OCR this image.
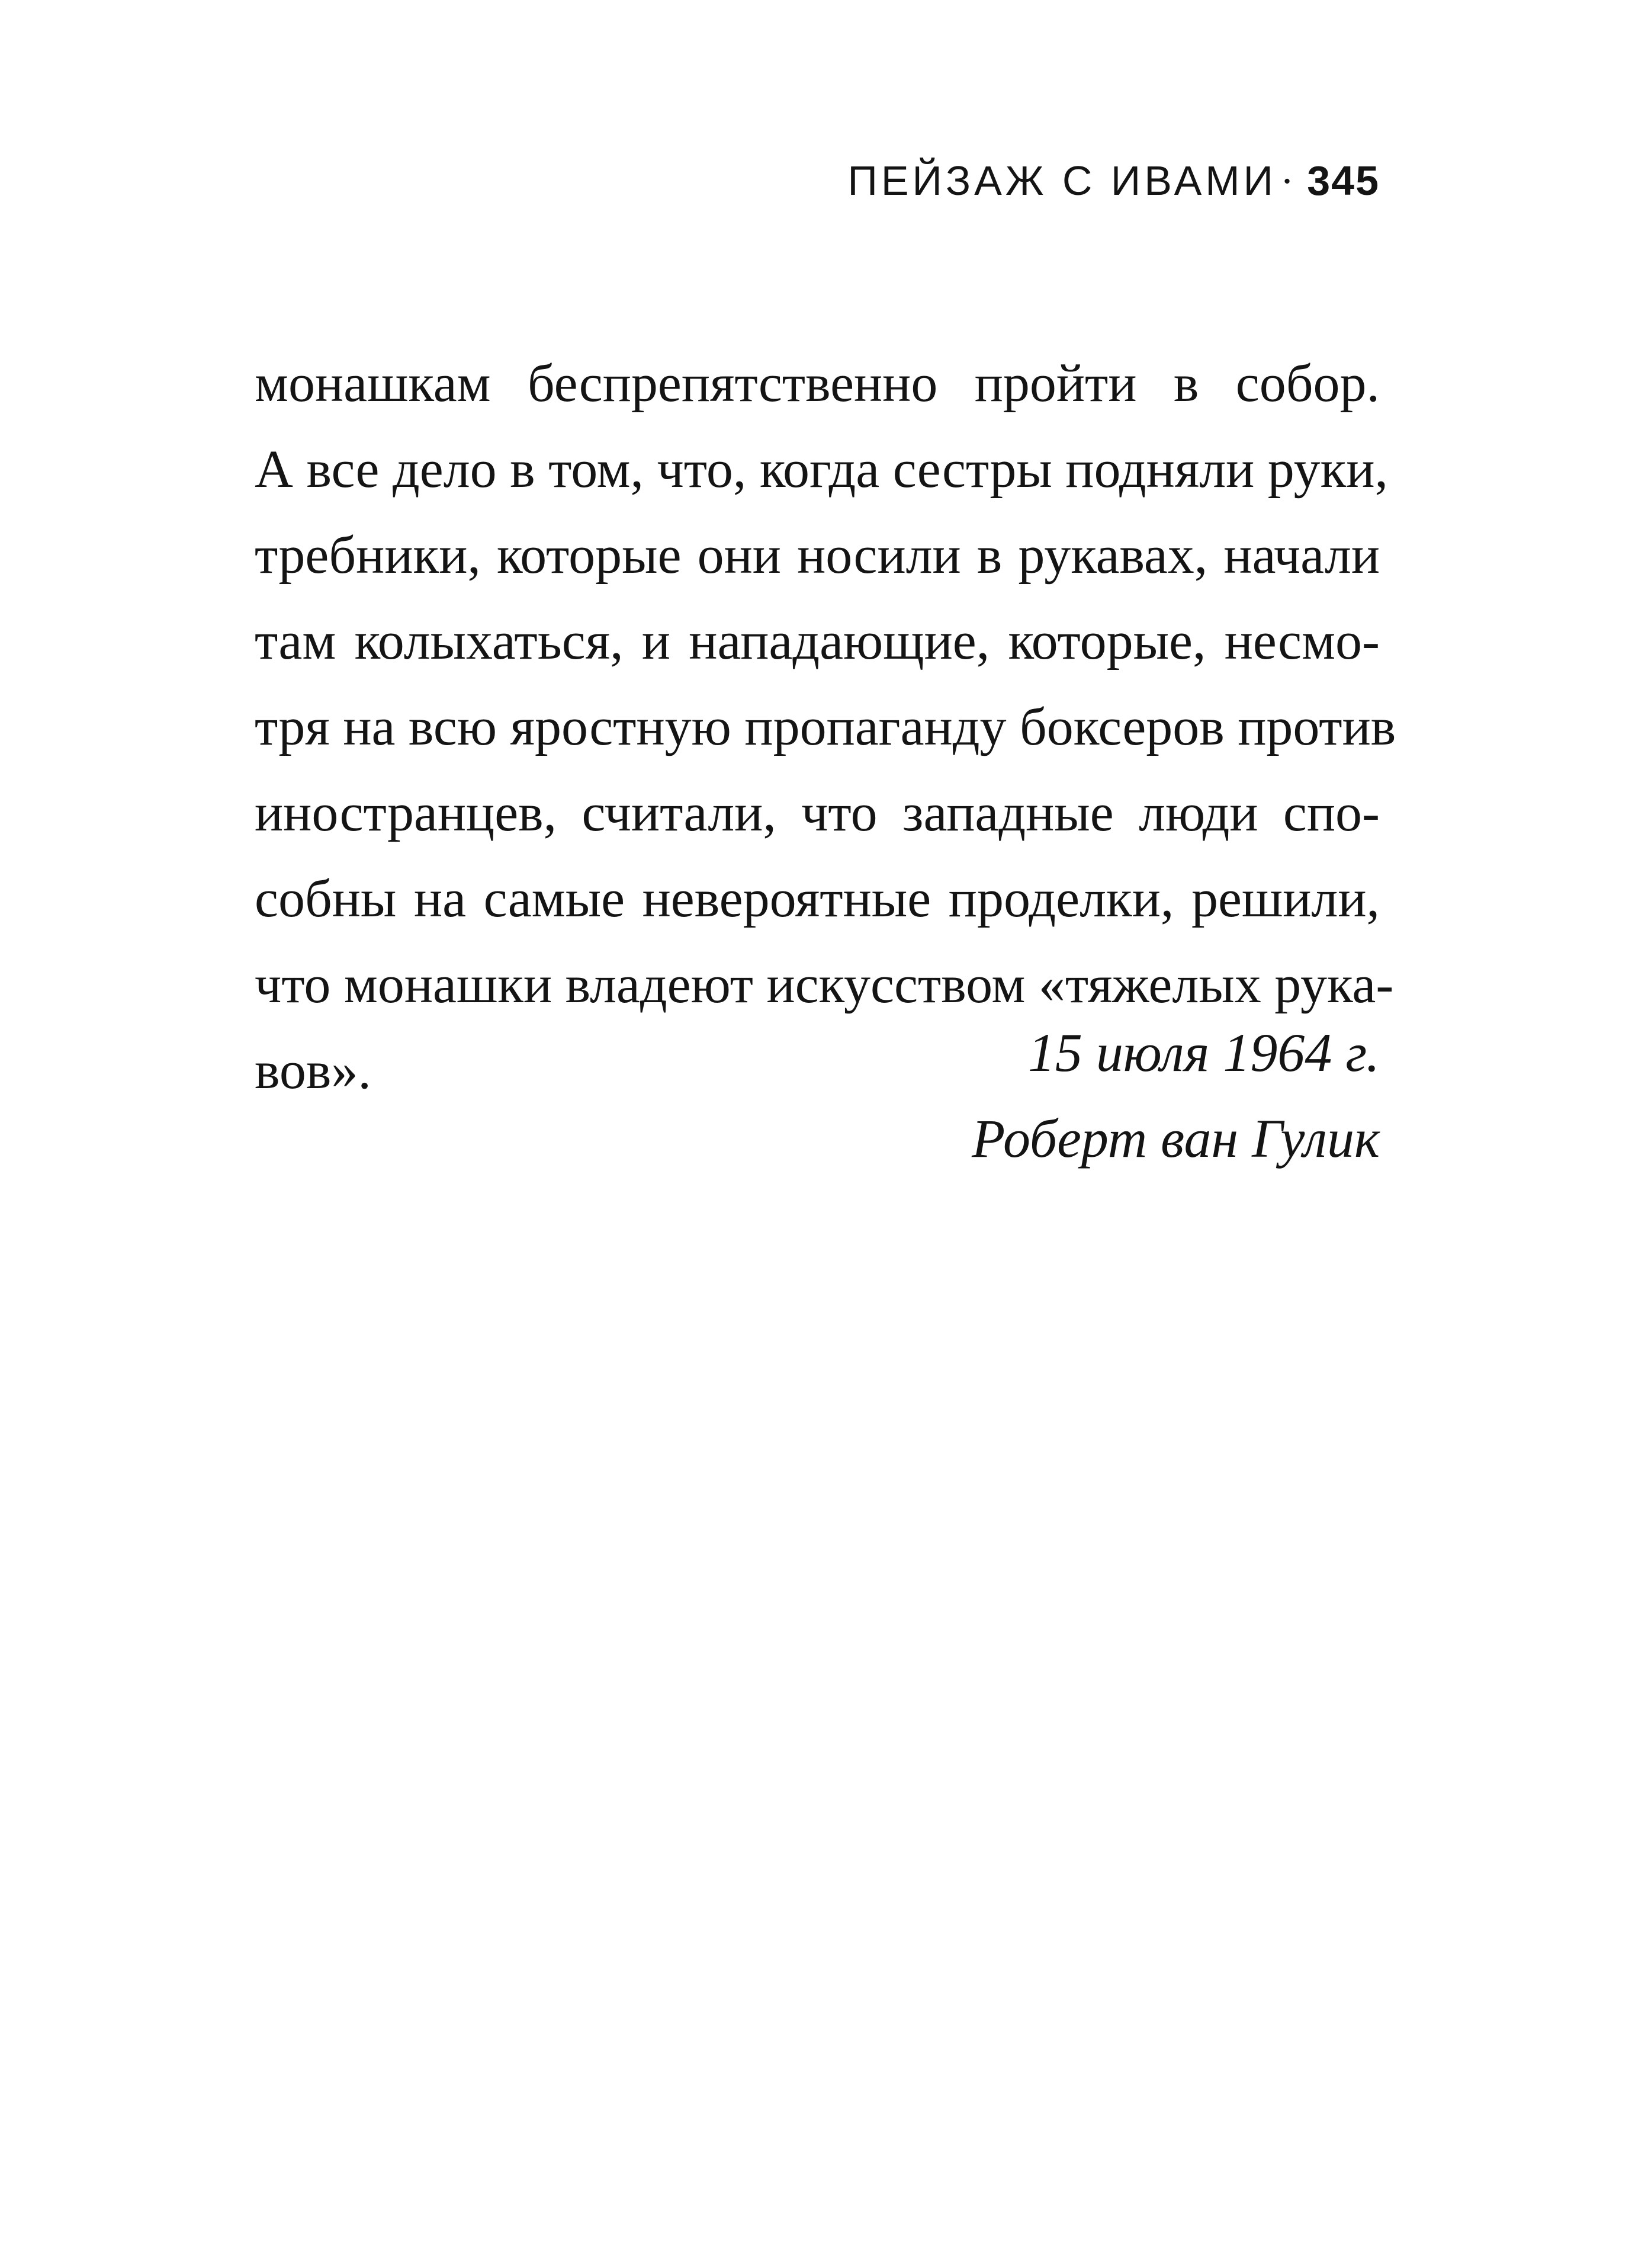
ПЕЙЗАЖ С ИВАМИ· 345
монашкам беспрепятственно пройти в собор.
А все дело в том, что, когда сестры подняли руки,
требники, которые они носили в рукавах, начали
там колыхаться, и нападающие, которые, несмо-
тря на всю яростную пропаганду боксеров против
иностранцев, считали, что западные люди спо-
собны на самые невероятные проделки, решили,
что монашки владеют искусством «тяжелых рука-
вов».	15 июля 1964 г.
Роберт ван Гулик
